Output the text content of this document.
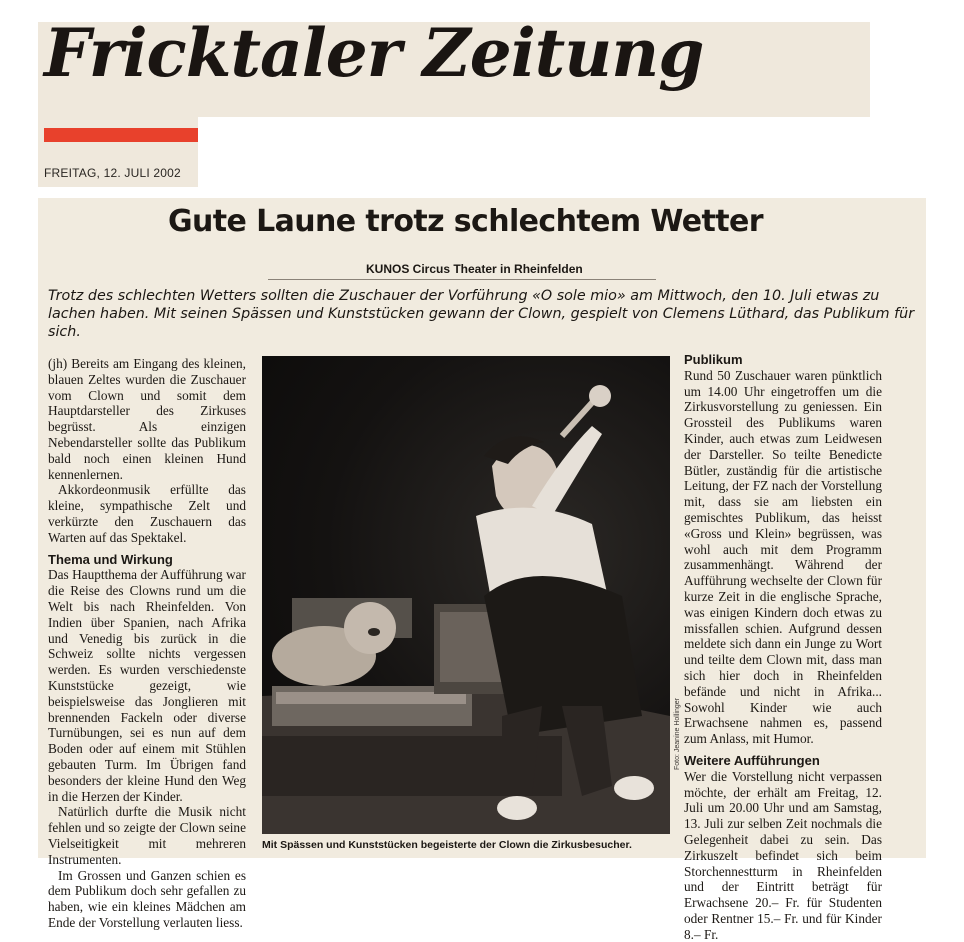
Fricktaler Zeitung
FREITAG, 12. JULI 2002
Gute Laune trotz schlechtem Wetter
KUNOS Circus Theater in Rheinfelden

Trotz des schlechten Wetters sollten die Zuschauer der Vorführung «O sole mio» am Mittwoch, den 10. Juli etwas zu lachen haben. Mit seinen Spässen und Kunststücken gewann der Clown, gespielt von Clemens Lüthard, das Publikum für sich.

(jh) Bereits am Eingang des kleinen, blauen Zeltes wurden die Zuschauer vom Clown und somit dem Hauptdarsteller des Zirkuses begrüsst. Als einzigen Nebendarsteller sollte das Publikum bald noch einen kleinen Hund kennenlernen.

Akkordeonmusik erfüllte das kleine, sympathische Zelt und verkürzte den Zuschauern das Warten auf das Spektakel.

Thema und Wirkung

Das Hauptthema der Aufführung war die Reise des Clowns rund um die Welt bis nach Rheinfelden. Von Indien über Spanien, nach Afrika und Venedig bis zurück in die Schweiz sollte nichts vergessen werden. Es wurden verschiedenste Kunststücke gezeigt, wie beispielsweise das Jonglieren mit brennenden Fackeln oder diverse Turnübungen, sei es nun auf dem Boden oder auf einem mit Stühlen gebauten Turm. Im Übrigen fand besonders der kleine Hund den Weg in die Herzen der Kinder.

Natürlich durfte die Musik nicht fehlen und so zeigte der Clown seine Vielseitigkeit mit mehreren Instrumenten.

Im Grossen und Ganzen schien es dem Publikum doch sehr gefallen zu haben, wie ein kleines Mädchen am Ende der Vorstellung verlauten liess.

Foto: Jeanine Hollinger
Mit Spässen und Kunststücken begeisterte der Clown die Zirkusbesucher.
Publikum

Rund 50 Zuschauer waren pünktlich um 14.00 Uhr eingetroffen um die Zirkusvorstellung zu geniessen. Ein Grossteil des Publikums waren Kinder, auch etwas zum Leidwesen der Darsteller. So teilte Benedicte Bütler, zuständig für die artistische Leitung, der FZ nach der Vorstellung mit, dass sie am liebsten ein gemischtes Publikum, das heisst «Gross und Klein» begrüssen, was wohl auch mit dem Programm zusammenhängt. Während der Aufführung wechselte der Clown für kurze Zeit in die englische Sprache, was einigen Kindern doch etwas zu missfallen schien. Aufgrund dessen meldete sich dann ein Junge zu Wort und teilte dem Clown mit, dass man sich hier doch in Rheinfelden befände und nicht in Afrika... Sowohl Kinder wie auch Erwachsene nahmen es, passend zum Anlass, mit Humor.

Weitere Aufführungen

Wer die Vorstellung nicht verpassen möchte, der erhält am Freitag, 12. Juli um 20.00 Uhr und am Samstag, 13. Juli zur selben Zeit nochmals die Gelegenheit dabei zu sein. Das Zirkuszelt befindet sich beim Storchennestturm in Rheinfelden und der Eintritt beträgt für Erwachsene 20.– Fr. für Studenten oder Rentner 15.– Fr. und für Kinder 8.– Fr.
